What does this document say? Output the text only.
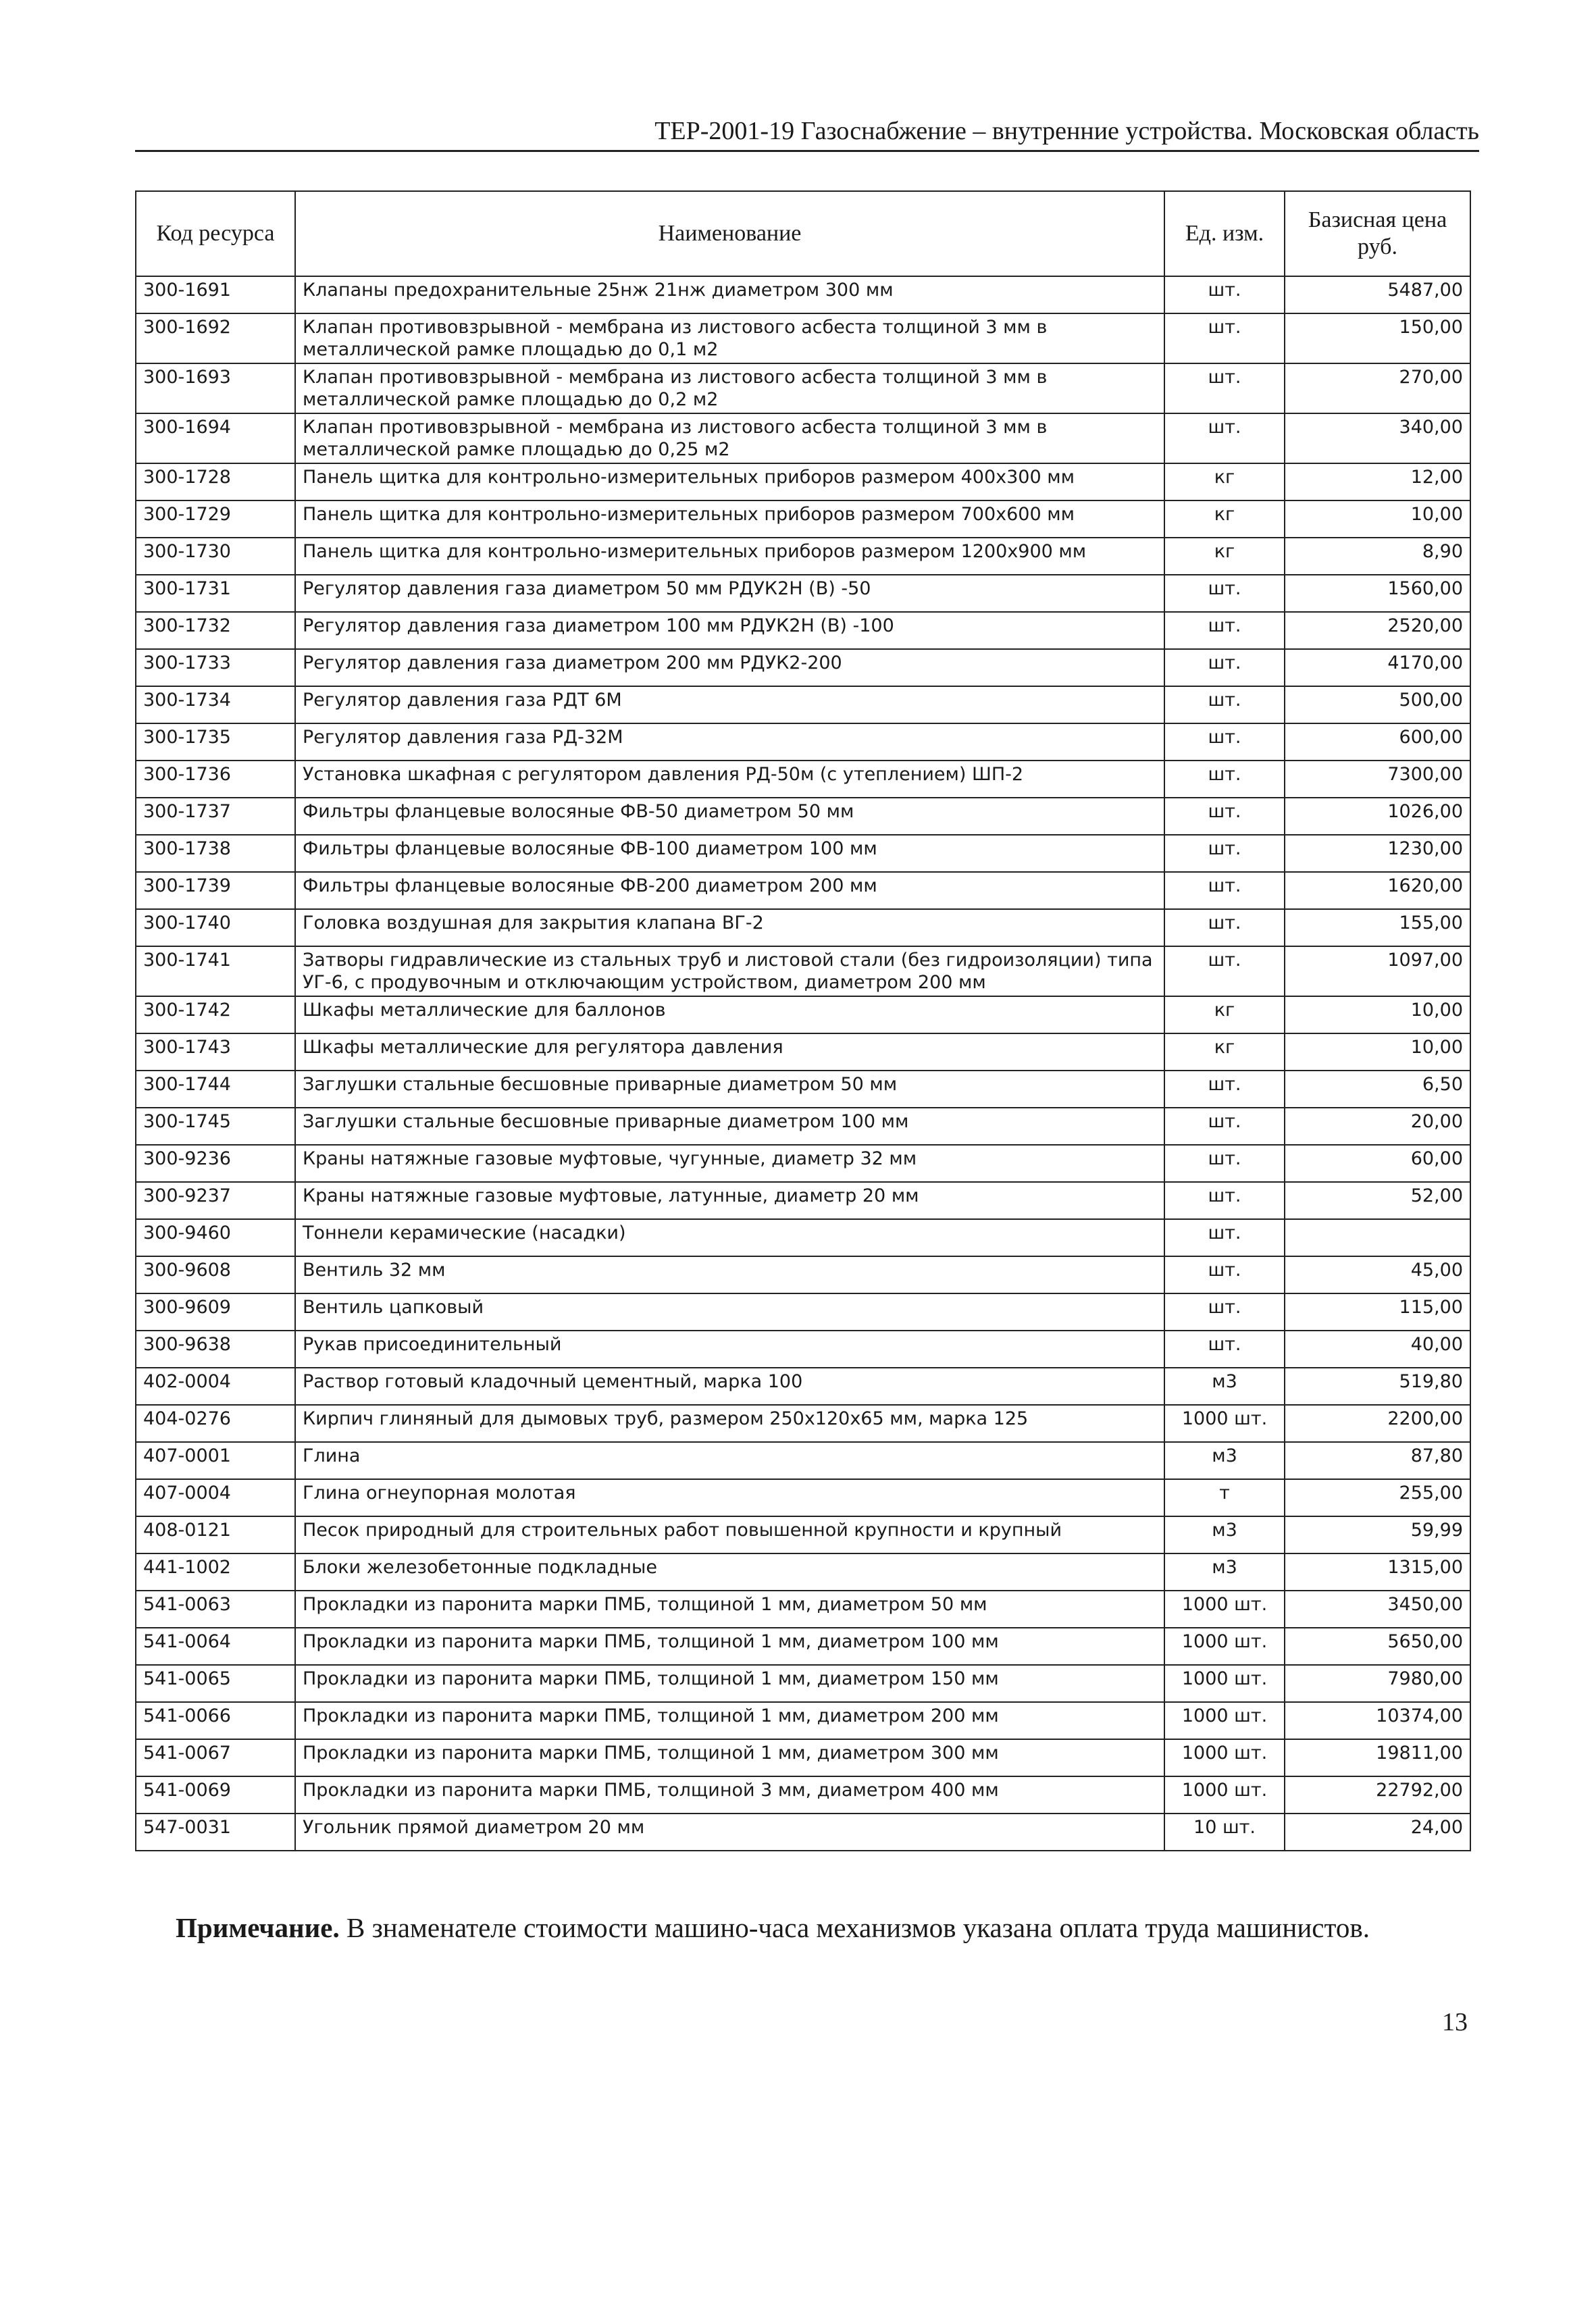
ТЕР-2001-19 Газоснабжение – внутренние устройства. Московская область
Код ресурса	Наименование	Ед. изм.	Базисная цена руб.
300-1691	Клапаны предохранительные 25нж 21нж диаметром 300 мм	шт.	5487,00
300-1692	Клапан противовзрывной - мембрана из листового асбеста толщиной 3 мм в металлической рамке площадью до 0,1 м2	шт.	150,00
300-1693	Клапан противовзрывной - мембрана из листового асбеста толщиной 3 мм в металлической рамке площадью до 0,2 м2	шт.	270,00
300-1694	Клапан противовзрывной - мембрана из листового асбеста толщиной 3 мм в металлической рамке площадью до 0,25 м2	шт.	340,00
300-1728	Панель щитка для контрольно-измерительных приборов размером 400х300 мм	кг	12,00
300-1729	Панель щитка для контрольно-измерительных приборов размером 700х600 мм	кг	10,00
300-1730	Панель щитка для контрольно-измерительных приборов размером 1200х900 мм	кг	8,90
300-1731	Регулятор давления газа диаметром 50 мм РДУК2Н (В) -50	шт.	1560,00
300-1732	Регулятор давления газа диаметром 100 мм РДУК2Н (В) -100	шт.	2520,00
300-1733	Регулятор давления газа диаметром 200 мм РДУК2-200	шт.	4170,00
300-1734	Регулятор давления газа РДТ 6М	шт.	500,00
300-1735	Регулятор давления газа РД-32М	шт.	600,00
300-1736	Установка шкафная с регулятором давления РД-50м (с утеплением) ШП-2	шт.	7300,00
300-1737	Фильтры фланцевые волосяные ФВ-50 диаметром 50 мм	шт.	1026,00
300-1738	Фильтры фланцевые волосяные ФВ-100 диаметром 100 мм	шт.	1230,00
300-1739	Фильтры фланцевые волосяные ФВ-200 диаметром 200 мм	шт.	1620,00
300-1740	Головка воздушная для закрытия клапана ВГ-2	шт.	155,00
300-1741	Затворы гидравлические из стальных труб и листовой стали (без гидроизоляции) типа УГ-6, с продувочным и отключающим устройством, диаметром 200 мм	шт.	1097,00
300-1742	Шкафы металлические для баллонов	кг	10,00
300-1743	Шкафы металлические для регулятора давления	кг	10,00
300-1744	Заглушки стальные бесшовные приварные диаметром 50 мм	шт.	6,50
300-1745	Заглушки стальные бесшовные приварные диаметром 100 мм	шт.	20,00
300-9236	Краны натяжные газовые муфтовые, чугунные, диаметр 32 мм	шт.	60,00
300-9237	Краны натяжные газовые муфтовые, латунные, диаметр 20 мм	шт.	52,00
300-9460	Тоннели керамические (насадки)	шт.	
300-9608	Вентиль 32 мм	шт.	45,00
300-9609	Вентиль цапковый	шт.	115,00
300-9638	Рукав присоединительный	шт.	40,00
402-0004	Раствор готовый кладочный цементный, марка 100	м3	519,80
404-0276	Кирпич глиняный для дымовых труб, размером 250х120х65 мм, марка 125	1000 шт.	2200,00
407-0001	Глина	м3	87,80
407-0004	Глина огнеупорная молотая	т	255,00
408-0121	Песок природный для строительных работ повышенной крупности и крупный	м3	59,99
441-1002	Блоки железобетонные подкладные	м3	1315,00
541-0063	Прокладки из паронита марки ПМБ, толщиной 1 мм, диаметром 50 мм	1000 шт.	3450,00
541-0064	Прокладки из паронита марки ПМБ, толщиной 1 мм, диаметром 100 мм	1000 шт.	5650,00
541-0065	Прокладки из паронита марки ПМБ, толщиной 1 мм, диаметром 150 мм	1000 шт.	7980,00
541-0066	Прокладки из паронита марки ПМБ, толщиной 1 мм, диаметром 200 мм	1000 шт.	10374,00
541-0067	Прокладки из паронита марки ПМБ, толщиной 1 мм, диаметром 300 мм	1000 шт.	19811,00
541-0069	Прокладки из паронита марки ПМБ, толщиной 3 мм, диаметром 400 мм	1000 шт.	22792,00
547-0031	Угольник прямой диаметром 20 мм	10 шт.	24,00
Примечание. В знаменателе стоимости машино-часа механизмов указана оплата труда машинистов.
13
